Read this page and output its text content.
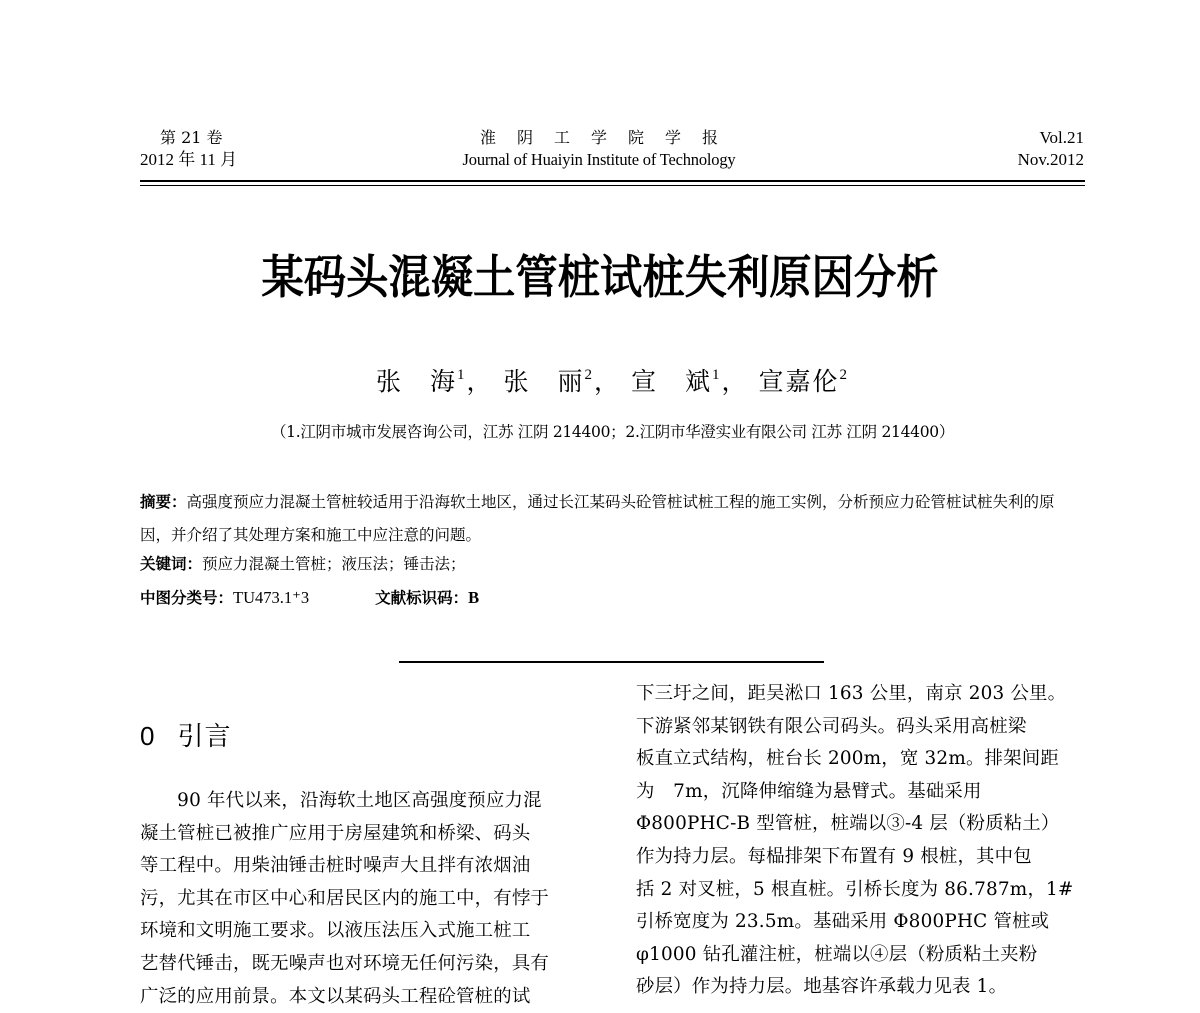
第 21 卷
2012 年 11 月
淮阴工学院学报
Journal of Huaiyin Institute of Technology
Vol.21
Nov.2012
某码头混凝土管桩试桩失利原因分析
张　海$^1$， 张　丽$^2$， 宣　斌$^1$， 宣嘉伦$^2$
（1.江阴市城市发展咨询公司，江苏 江阴 214400；2.江阴市华澄实业有限公司 江苏 江阴 214400）
摘要：高强度预应力混凝土管桩较适用于沿海软土地区，通过长江某码头砼管桩试桩工程的施工实例，分析预应力砼管桩试桩失利的原因，并介绍了其处理方案和施工中应注意的问题。
关键词：预应力混凝土管桩；液压法；锤击法；
中图分类号：TU473.1⁺3	文献标识码：B
0 引言
　　90 年代以来，沿海软土地区高强度预应力混
凝土管桩已被推广应用于房屋建筑和桥梁、码头
等工程中。用柴油锤击桩时噪声大且拌有浓烟油
污，尤其在市区中心和居民区内的施工中，有悖于
环境和文明施工要求。以液压法压入式施工桩工
艺替代锤击，既无噪声也对环境无任何污染，具有
广泛的应用前景。本文以某码头工程砼管桩的试
下三圩之间，距吴淞口 163 公里，南京 203 公里。
下游紧邻某钢铁有限公司码头。码头采用高桩梁
板直立式结构，桩台长 200m，宽 32m。排架间距
为　7m，沉降伸缩缝为悬臂式。基础采用
Φ800PHC-B 型管桩，桩端以③-4 层（粉质粘土）
作为持力层。每榀排架下布置有 9 根桩，其中包
括 2 对叉桩，5 根直桩。引桥长度为 86.787m，1#
引桥宽度为 23.5m。基础采用 Φ800PHC 管桩或
φ1000 钻孔灌注桩，桩端以④层（粉质粘土夹粉
砂层）作为持力层。地基容许承载力见表 1。
